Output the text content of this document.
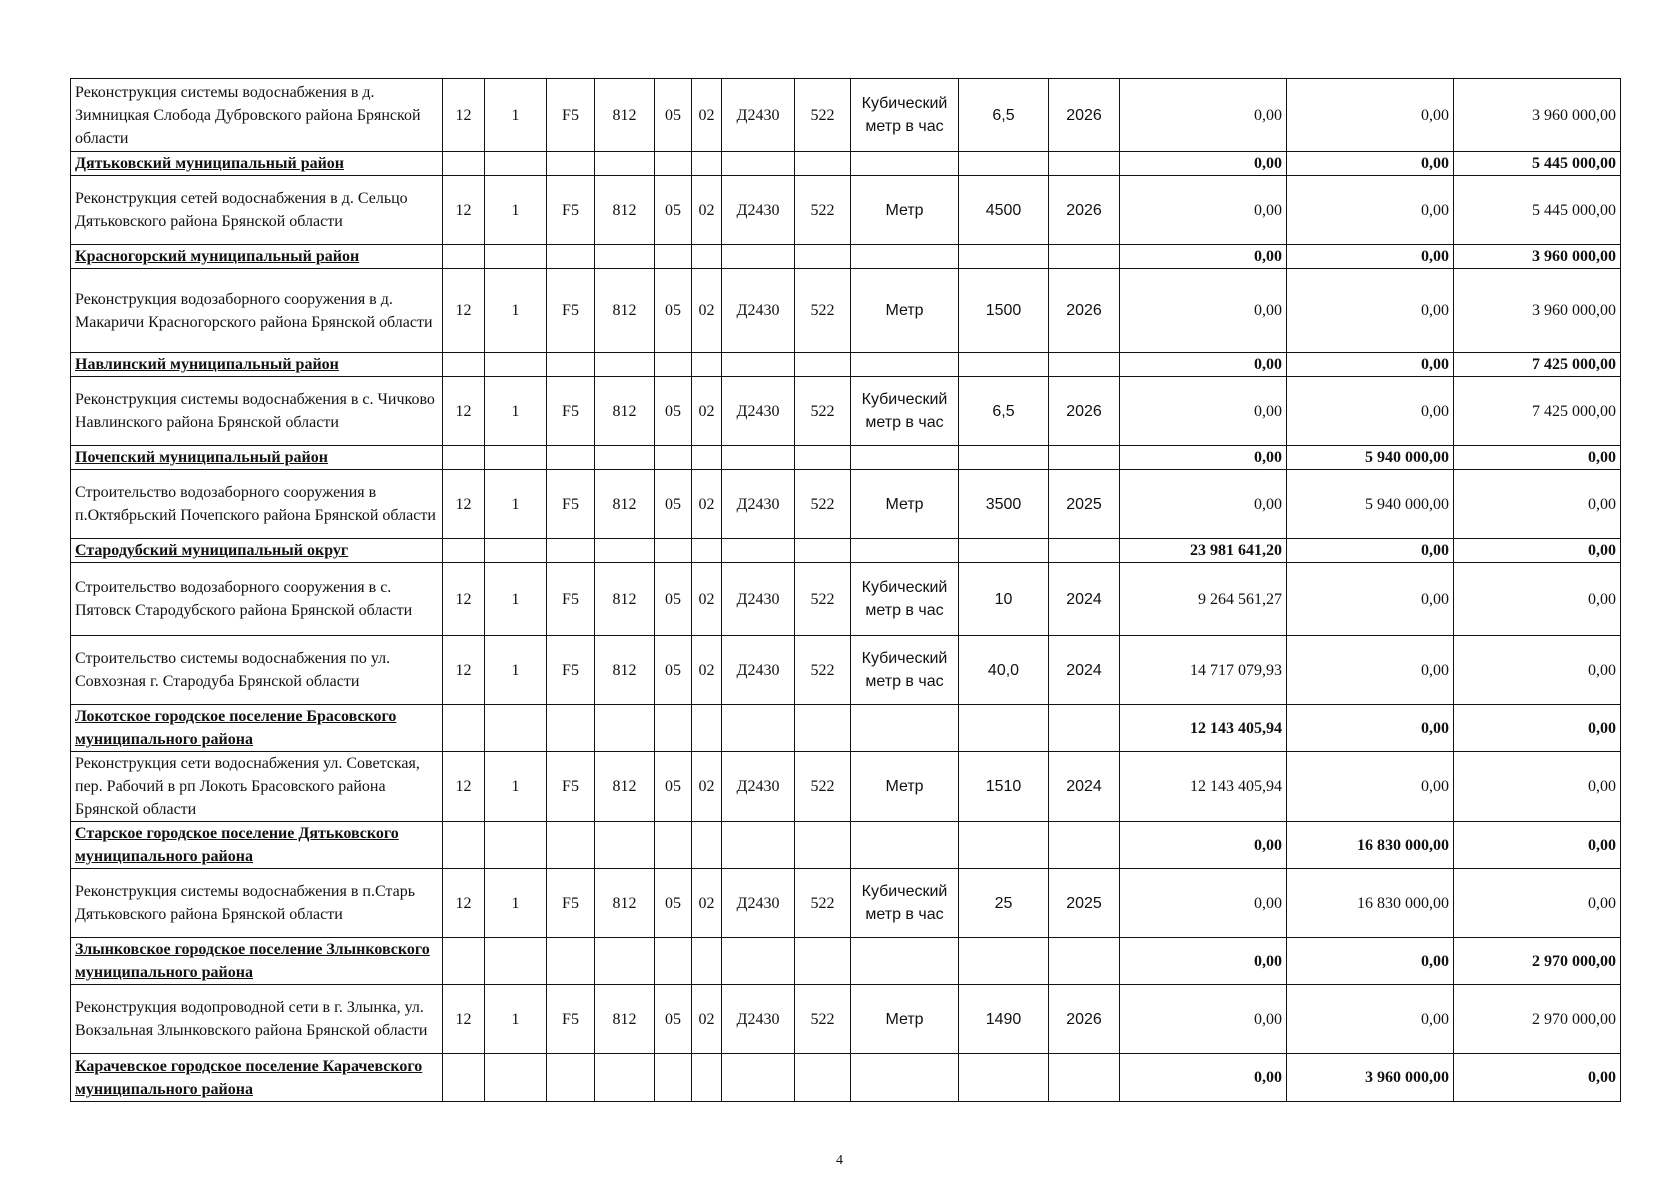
Реконструкция системы водоснабжения в д. Зимницкая Слобода Дубровского района Брянской области	12	1	F5	812	05	02	Д2430	522	Кубический метр в час	6,5	2026	0,00	0,00	3 960 000,00
Дятьковский муниципальный район												0,00	0,00	5 445 000,00
Реконструкция сетей водоснабжения в д. Сельцо Дятьковского района Брянской области	12	1	F5	812	05	02	Д2430	522	Метр	4500	2026	0,00	0,00	5 445 000,00
Красногорский муниципальный район												0,00	0,00	3 960 000,00
Реконструкция водозаборного сооружения в д. Макаричи Красногорского района Брянской области	12	1	F5	812	05	02	Д2430	522	Метр	1500	2026	0,00	0,00	3 960 000,00
Навлинский муниципальный район												0,00	0,00	7 425 000,00
Реконструкция системы водоснабжения в с. Чичково Навлинского района Брянской области	12	1	F5	812	05	02	Д2430	522	Кубический метр в час	6,5	2026	0,00	0,00	7 425 000,00
Почепский муниципальный район												0,00	5 940 000,00	0,00
Строительство водозаборного сооружения в п.Октябрьский Почепского района Брянской области	12	1	F5	812	05	02	Д2430	522	Метр	3500	2025	0,00	5 940 000,00	0,00
Стародубский муниципальный округ												23 981 641,20	0,00	0,00
Строительство водозаборного сооружения в с. Пятовск Стародубского района Брянской области	12	1	F5	812	05	02	Д2430	522	Кубический метр в час	10	2024	9 264 561,27	0,00	0,00
Строительство системы водоснабжения по ул. Совхозная г. Стародуба Брянской области	12	1	F5	812	05	02	Д2430	522	Кубический метр в час	40,0	2024	14 717 079,93	0,00	0,00
Локотское городское поселение Брасовского муниципального района												12 143 405,94	0,00	0,00
Реконструкция сети водоснабжения ул. Советская, пер. Рабочий в рп Локоть Брасовского района Брянской области	12	1	F5	812	05	02	Д2430	522	Метр	1510	2024	12 143 405,94	0,00	0,00
Старское городское поселение Дятьковского муниципального района												0,00	16 830 000,00	0,00
Реконструкция системы водоснабжения в п.Старь Дятьковского района Брянской области	12	1	F5	812	05	02	Д2430	522	Кубический метр в час	25	2025	0,00	16 830 000,00	0,00
Злынковское городское поселение Злынковского муниципального района												0,00	0,00	2 970 000,00
Реконструкция водопроводной сети в г. Злынка, ул. Вокзальная Злынковского района Брянской области	12	1	F5	812	05	02	Д2430	522	Метр	1490	2026	0,00	0,00	2 970 000,00
Карачевское городское поселение Карачевского муниципального района												0,00	3 960 000,00	0,00
4
